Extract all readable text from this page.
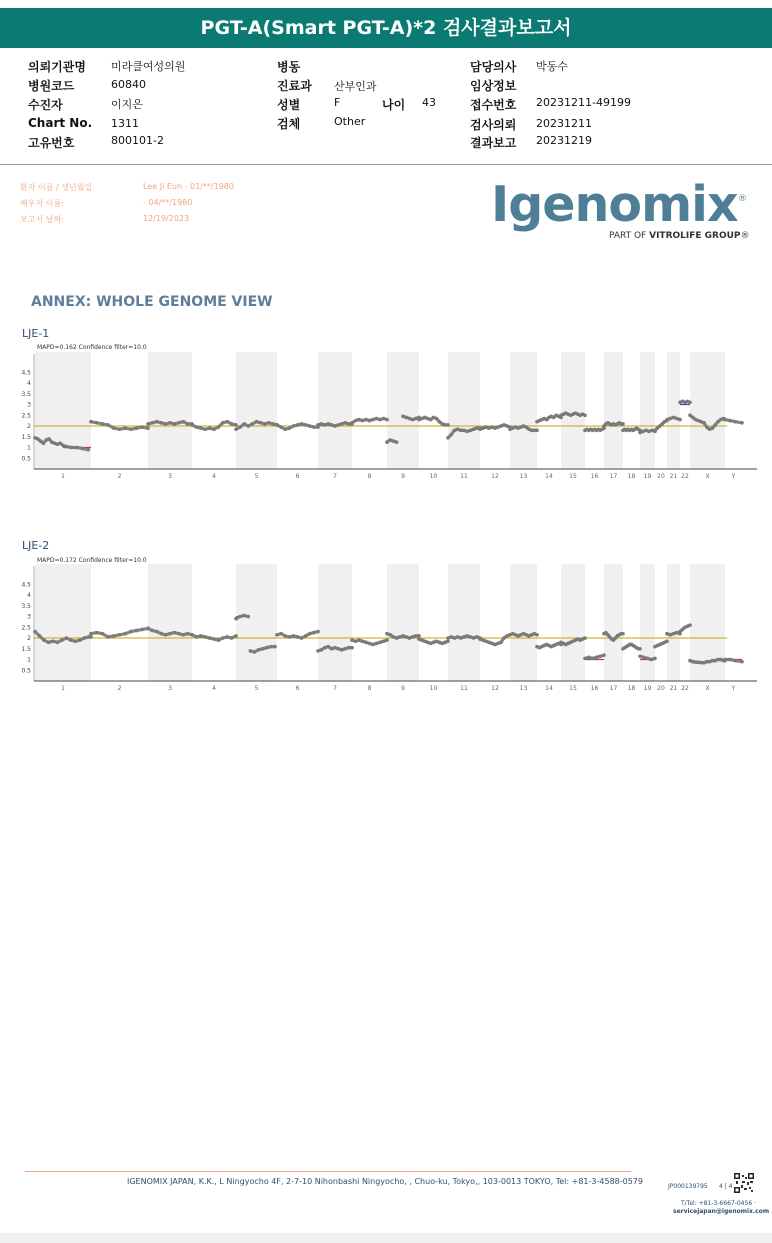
PGT-A(Smart PGT-A)*2 검사결과보고서
의뢰기관명 미라클여성의원
병원코드	60840
수진자	이지은
Chart No. 1311
고유번호	800101-2
병동
진료과 산부인과
성별	F	나이 43
검체	Other
담당의사 박동수
임상정보
접수번호 20231211-49199
검사의뢰 20231211
결과보고 20231219
환자 이름 / 생년월일	Lee Ji Eun - 01/**/1980
배우자 이름:	- 04/**/1980
보고서 날짜:	12/19/2023	Igenomix ®
PART OF VITROLIFE GROUP®
ANNEX: WHOLE GENOME VIEW
LJE-1
MAPD=0.162 Confidence filter=10.0
4.5
4
3.5
3
2.5
2
1.5
1
0.5
1	2	3	4	5	6	7	8	9	10	11	12	13	14	15 16 17 18 19 20 21 22	X	Y
LJE-2
MAPD=0.172 Confidence filter=10.0
4.5
4
3.5
3
2.5
2
1.5
1
0.5
1	2	3	4	5	6	7	8	9	10	11	12	13	14	15 16 17 18 19 20 21 22	X	Y
IGENOMIX JAPAN, K.K., L Ningyocho 4F, 2-7-10 Nihonbashi Ningyocho, , Chuo-ku, Tokyo,, 103-0013 TOKYO, Tel: +81-3-4588-0579
JP000139795 4 | 4
T/Tel: +81-3-6667-0456 ·
servicejapan@igenomix.com
